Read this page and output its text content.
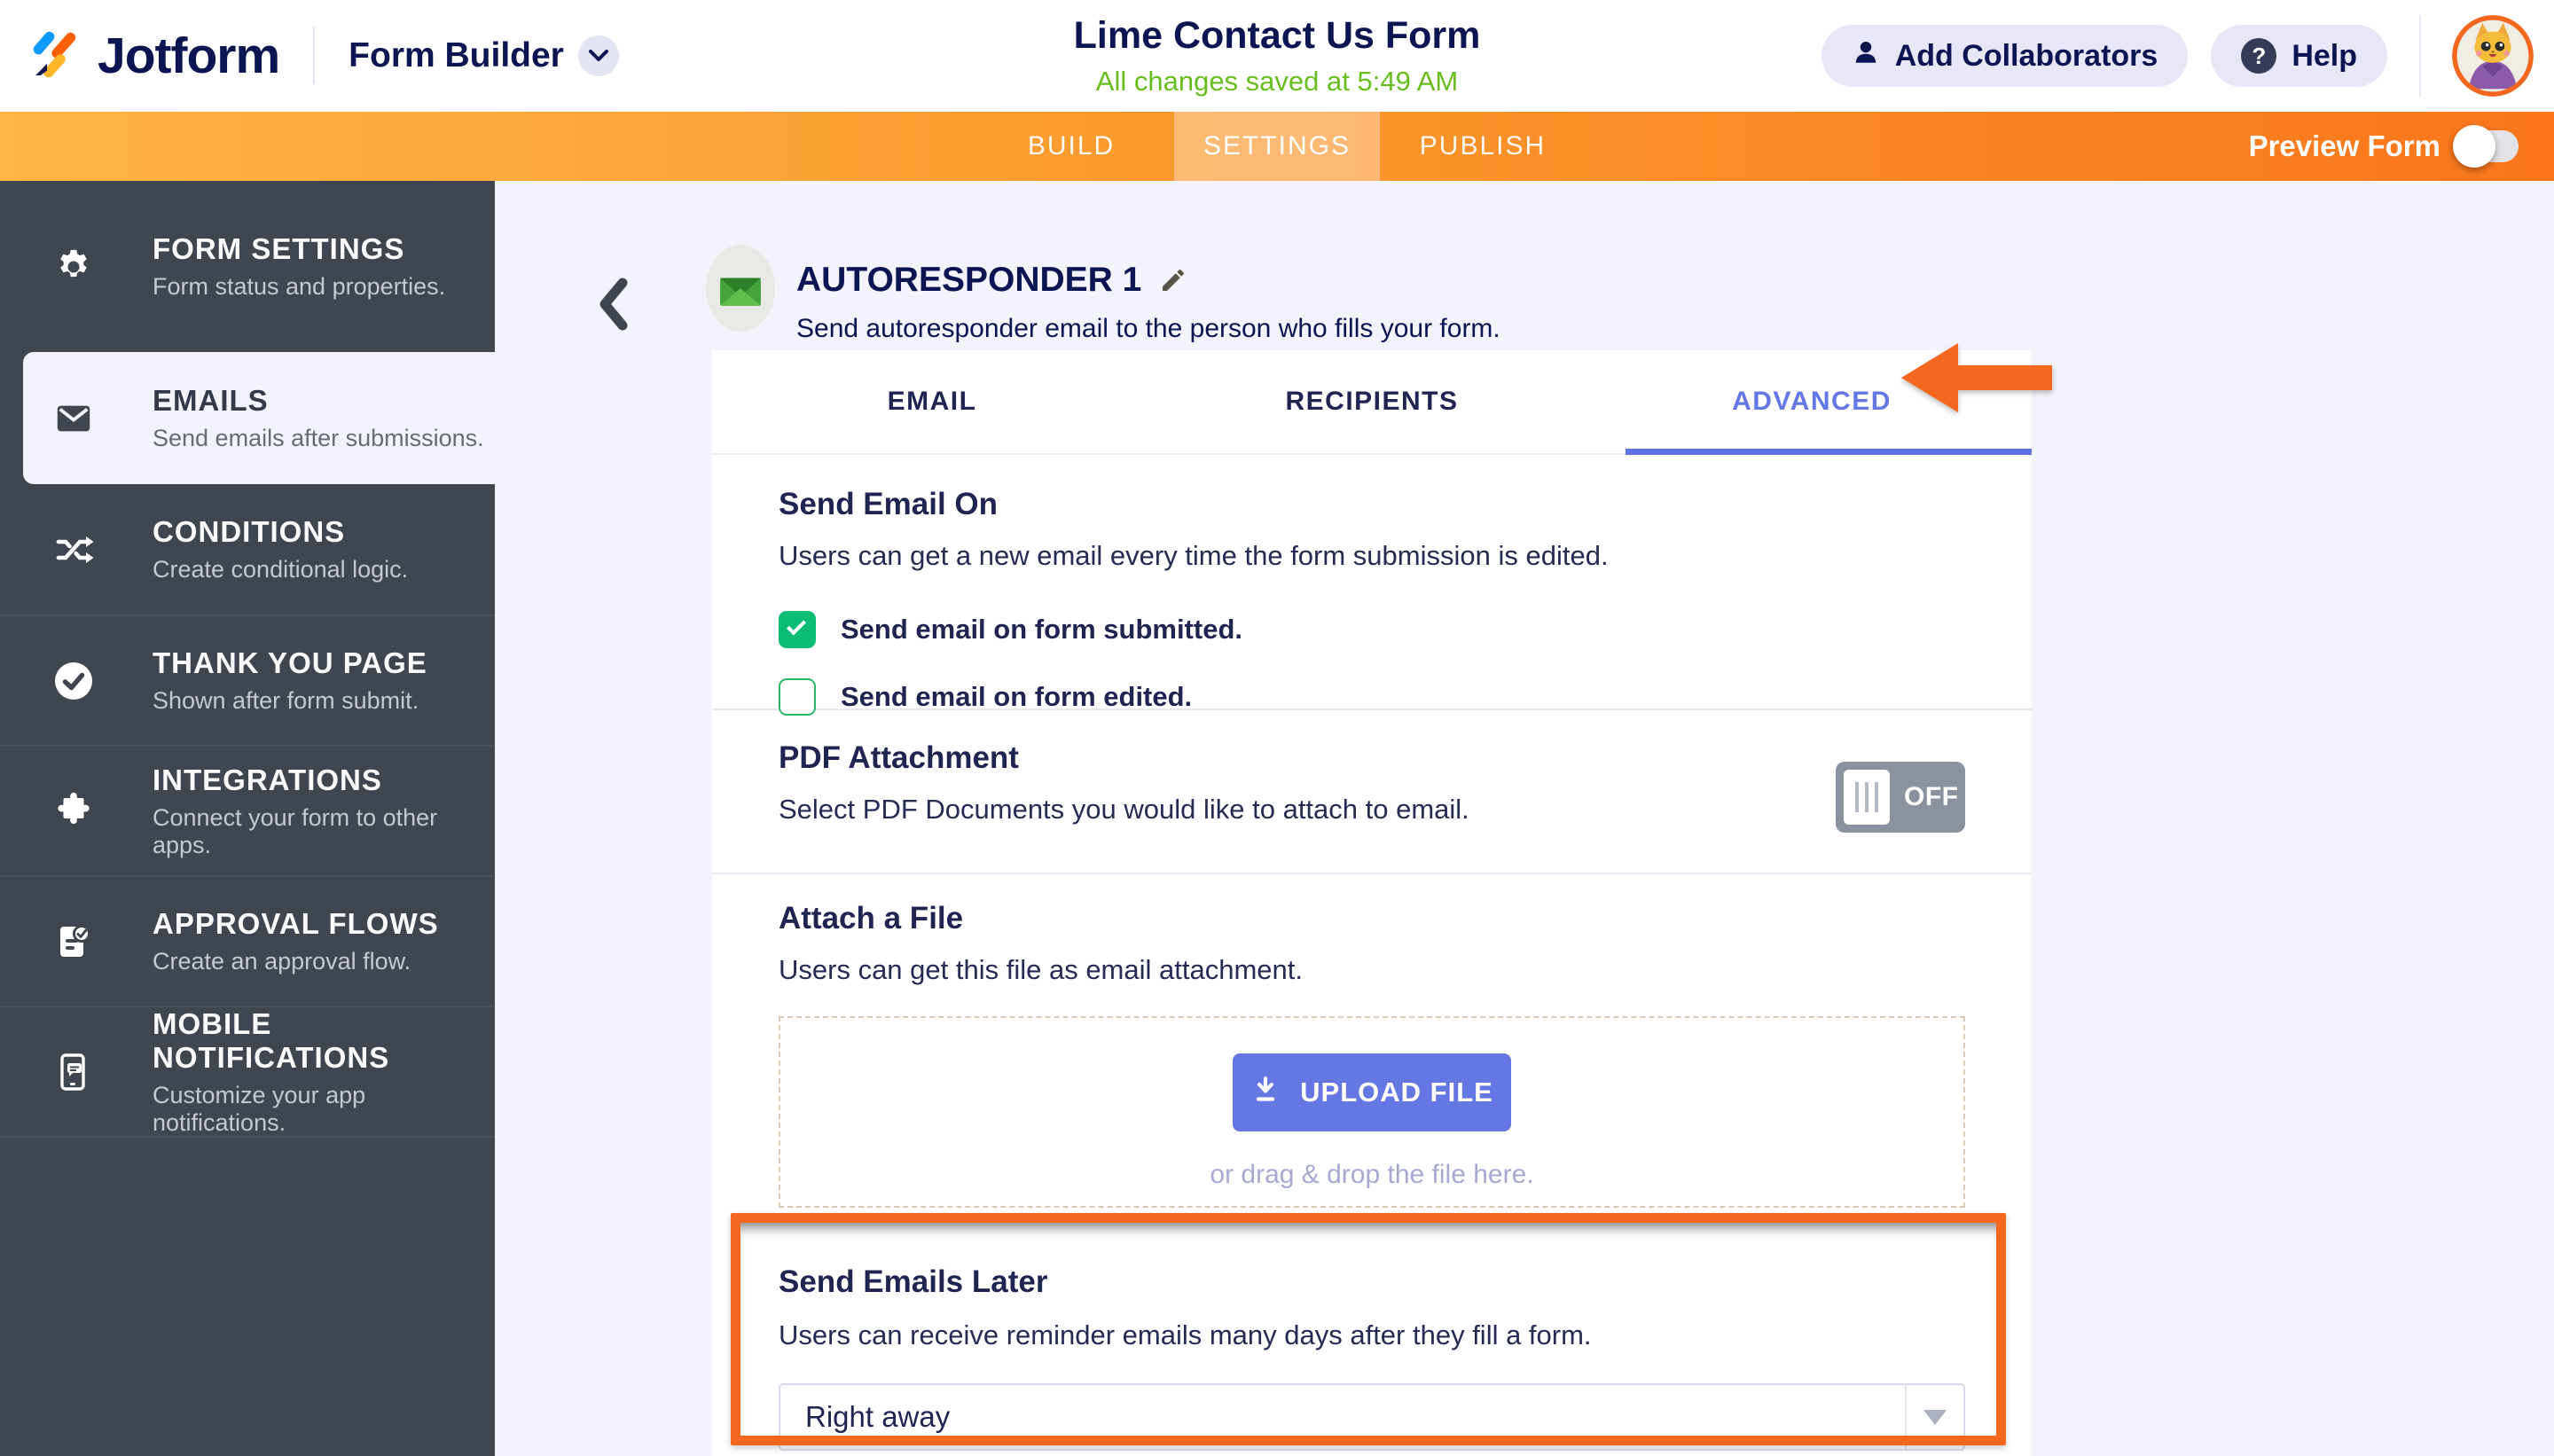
Jotform Form Builder	Lime Contact Us Form
All changes saved at 5:49 AM
Add Collaborators	? Help
BUILD	SETTINGS	PUBLISH	Preview Form
FORM SETTINGS
Form status and properties.
EMAILS
Send emails after submissions.
CONDITIONS
Create conditional logic.
THANK YOU PAGE
Shown after form submit.
INTEGRATIONS
Connect your form to other apps.
APPROVAL FLOWS
Create an approval flow.
MOBILE NOTIFICATIONS
Customize your app notifications.
AUTORESPONDER 1
Send autoresponder email to the person who fills your form.
EMAIL	RECIPIENTS	ADVANCED
Send Email On

Users can get a new email every time the form submission is edited.

Send email on form submitted.
Send email on form edited.
PDF Attachment

Select PDF Documents you would like to attach to email.	OFF
Attach a File

Users can get this file as email attachment.

UPLOAD FILE
or drag & drop the file here.
Send Emails Later

Users can receive reminder emails many days after they fill a form.

Right away
